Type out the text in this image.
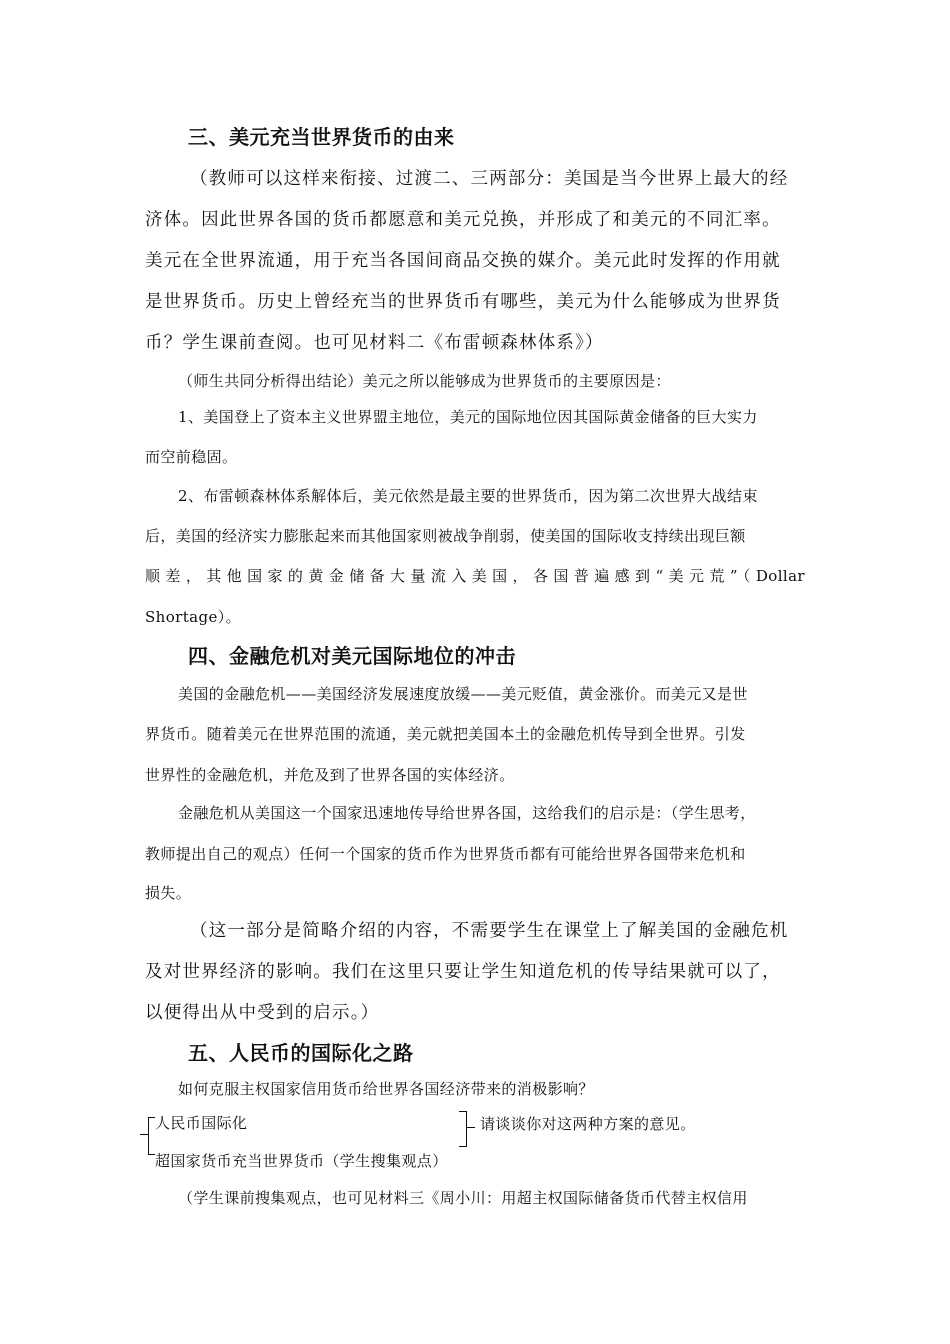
三、美元充当世界货币的由来
（教师可以这样来衔接、过渡二、三两部分：美国是当今世界上最大的经
济体。因此世界各国的货币都愿意和美元兑换，并形成了和美元的不同汇率。
美元在全世界流通，用于充当各国间商品交换的媒介。美元此时发挥的作用就
是世界货币。历史上曾经充当的世界货币有哪些，美元为什么能够成为世界货
币？学生课前查阅。也可见材料二《布雷顿森林体系》）
（师生共同分析得出结论）美元之所以能够成为世界货币的主要原因是：
1、美国登上了资本主义世界盟主地位，美元的国际地位因其国际黄金储备的巨大实力
而空前稳固。
2、布雷顿森林体系解体后，美元依然是最主要的世界货币，因为第二次世界大战结束
后，美国的经济实力膨胀起来而其他国家则被战争削弱，使美国的国际收支持续出现巨额
顺差，其他国家的黄金储备大量流入美国，各国普遍感到“美元荒”（Dollar
Shortage）。
四、金融危机对美元国际地位的冲击
美国的金融危机——美国经济发展速度放缓——美元贬值，黄金涨价。而美元又是世
界货币。随着美元在世界范围的流通，美元就把美国本土的金融危机传导到全世界。引发
世界性的金融危机，并危及到了世界各国的实体经济。
金融危机从美国这一个国家迅速地传导给世界各国，这给我们的启示是：（学生思考，
教师提出自己的观点）任何一个国家的货币作为世界货币都有可能给世界各国带来危机和
损失。
（这一部分是简略介绍的内容，不需要学生在课堂上了解美国的金融危机
及对世界经济的影响。我们在这里只要让学生知道危机的传导结果就可以了，
以便得出从中受到的启示。）
五、人民币的国际化之路
如何克服主权国家信用货币给世界各国经济带来的消极影响？
人民币国际化
超国家货币充当世界货币（学生搜集观点）
请谈谈你对这两种方案的意见。
（学生课前搜集观点，也可见材料三《周小川：用超主权国际储备货币代替主权信用
